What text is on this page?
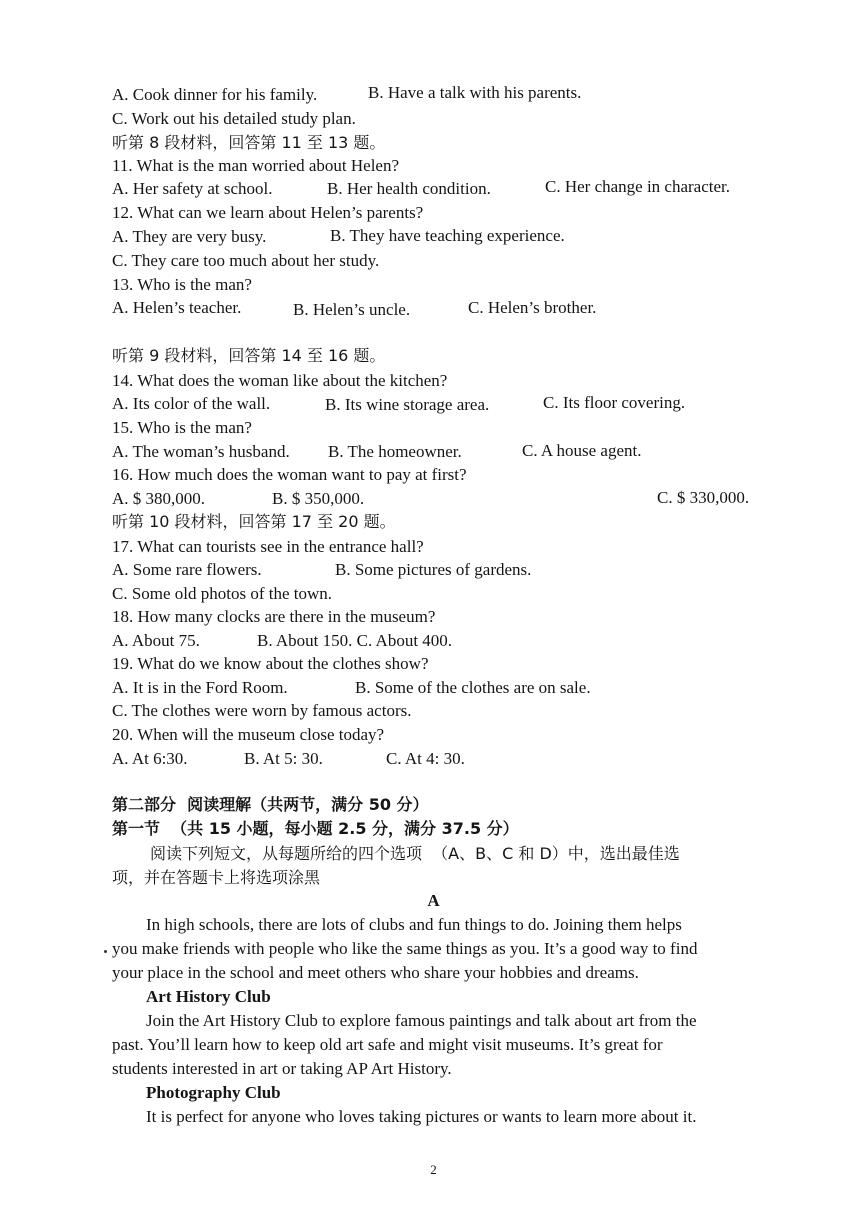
A. Cook dinner for his family.	B. Have a talk with his parents.
C. Work out his detailed study plan.
听第 8 段材料，回答第 11 至 13 题。
11. What is the man worried about Helen?
A. Her safety at school.	B. Her health condition.	C. Her change in character.
12. What can we learn about Helen’s parents?
A. They are very busy.	B. They have teaching experience.
C. They care too much about her study.
13. Who is the man?
A. Helen’s teacher.	B. Helen’s uncle.	C. Helen’s brother.
听第 9 段材料，回答第 14 至 16 题。
14. What does the woman like about the kitchen?
A. Its color of the wall.	B. Its wine storage area.	C. Its floor covering.
15. Who is the man?
A. The woman’s husband. B. The homeowner.	C. A house agent.
16. How much does the woman want to pay at first?
A. $ 380,000.	B. $ 350,000.	C. $ 330,000.
听第 10 段材料，回答第 17 至 20 题。
17. What can tourists see in the entrance hall?
A. Some rare flowers.	B. Some pictures of gardens.
C. Some old photos of the town.
18. How many clocks are there in the museum?
A. About 75.	B. About 150. C. About 400.
19. What do we know about the clothes show?
A. It is in the Ford Room.	B. Some of the clothes are on sale.
C. The clothes were worn by famous actors.
20. When will the museum close today?
A. At 6:30.	B. At 5: 30.	C. At 4: 30.
第二部分  阅读理解（共两节，满分 50 分）
第一节  （共 15 小题，每小题 2.5 分，满分 37.5 分）
阅读下列短文，从每题所给的四个选项  （A、B、C 和 D）中，选出最佳选
项，并在答题卡上将选项涂黑
A
In high schools, there are lots of clubs and fun things to do. Joining them helps
you make friends with people who like the same things as you. It’s a good way to find
your place in the school and meet others who share your hobbies and dreams.
Art History Club
Join the Art History Club to explore famous paintings and talk about art from the
past. You’ll learn how to keep old art safe and might visit museums. It’s great for
students interested in art or taking AP Art History.
Photography Club
It is perfect for anyone who loves taking pictures or wants to learn more about it.
2
